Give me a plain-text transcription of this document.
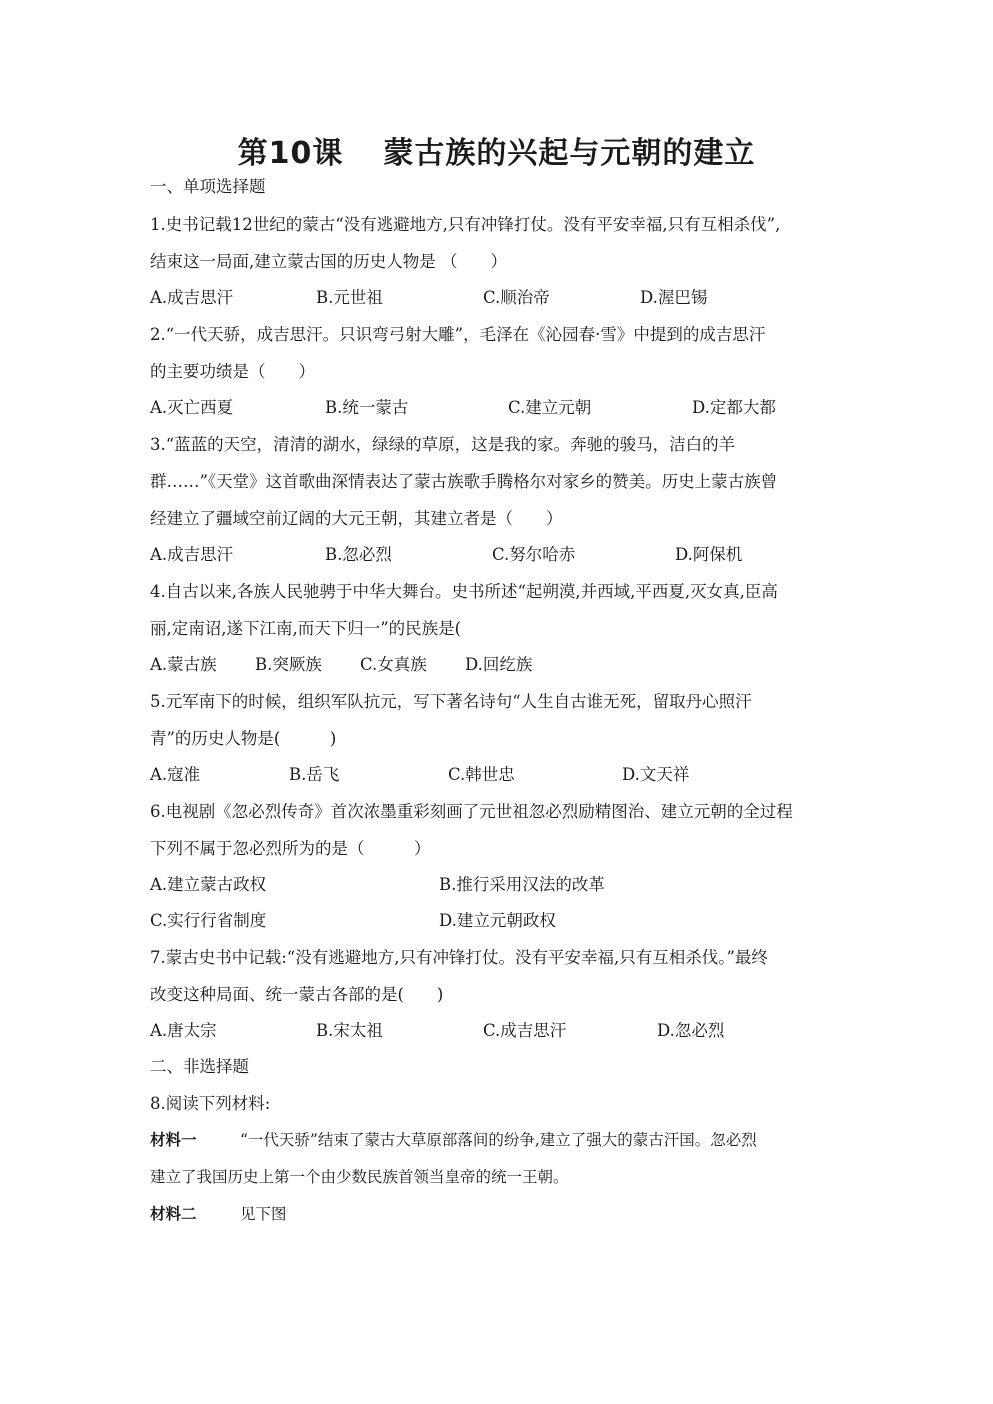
第10课 蒙古族的兴起与元朝的建立
一、单项选择题
1.史书记载12世纪的蒙古“没有逃避地方,只有冲锋打仗。没有平安幸福,只有互相杀伐”,
结束这一局面,建立蒙古国的历史人物是 （　　）
A.成吉思汗	B.元世祖	C.顺治帝	D.渥巴锡
2.“一代天骄，成吉思汗。只识弯弓射大雕”，毛泽在《沁园春·雪》中提到的成吉思汗
的主要功绩是（　　）
A.灭亡西夏	B.统一蒙古	C.建立元朝	D.定都大都
3.“蓝蓝的天空，清清的湖水，绿绿的草原，这是我的家。奔驰的骏马，洁白的羊
群……”《天堂》这首歌曲深情表达了蒙古族歌手腾格尔对家乡的赞美。历史上蒙古族曾
经建立了疆域空前辽阔的大元王朝，其建立者是（　　）
A.成吉思汗	B.忽必烈	C.努尔哈赤	D.阿保机
4.自古以来,各族人民驰骋于中华大舞台。史书所述“起朔漠,并西域,平西夏,灭女真,臣高
丽,定南诏,遂下江南,而天下归一”的民族是(
A.蒙古族 B.突厥族 C.女真族 D.回纥族
5.元军南下的时候，组织军队抗元，写下著名诗句“人生自古谁无死，留取丹心照汗
青”的历史人物是(　　　)
A.寇准	B.岳飞	C.韩世忠	D.文天祥
6.电视剧《忽必烈传奇》首次浓墨重彩刻画了元世祖忽必烈励精图治、建立元朝的全过程
下列不属于忽必烈所为的是（　　　）
A.建立蒙古政权	B.推行采用汉法的改革
C.实行行省制度	D.建立元朝政权
7.蒙古史书中记载:“没有逃避地方,只有冲锋打仗。没有平安幸福,只有互相杀伐。”最终
改变这种局面、统一蒙古各部的是(　　)
A.唐太宗	B.宋太祖	C.成吉思汗	D.忽必烈
二、非选择题
8.阅读下列材料:
材料一	“一代天骄”结束了蒙古大草原部落间的纷争,建立了强大的蒙古汗国。忽必烈
建立了我国历史上第一个由少数民族首领当皇帝的统一王朝。
材料二	见下图
